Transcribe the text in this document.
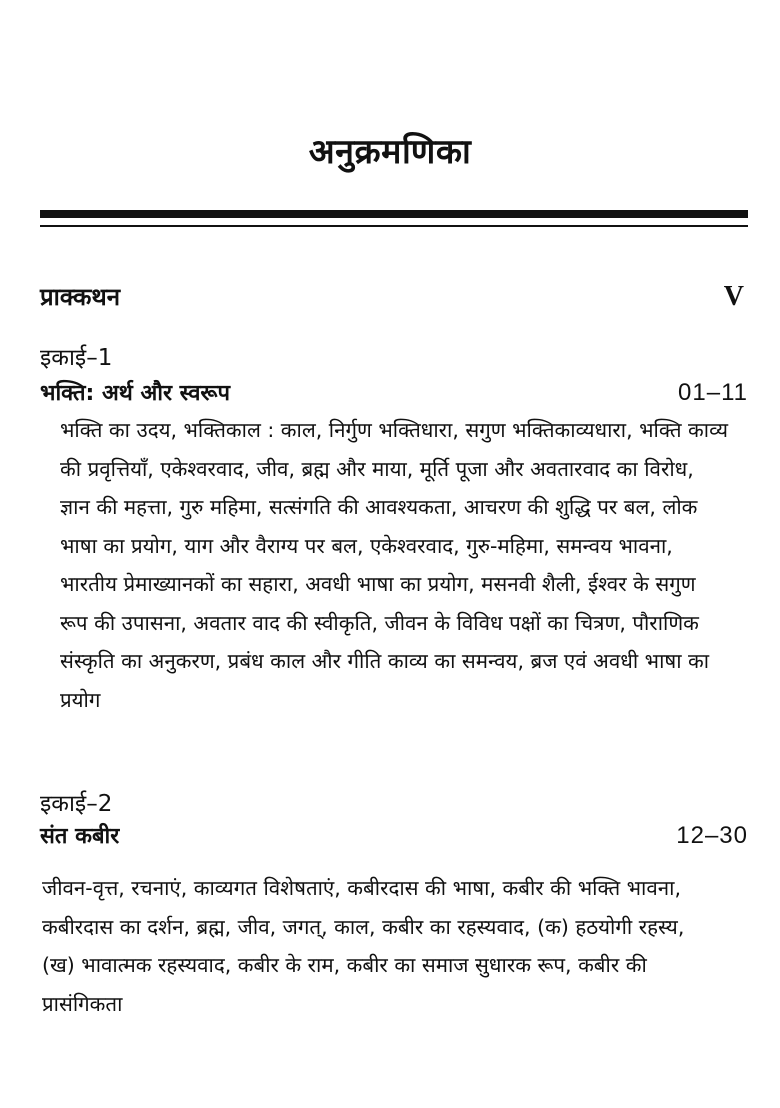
अनुक्रमणिका
प्राक्कथन	V
इकाई–1
भक्ति: अर्थ और स्वरूप	01–11

भक्ति का उदय, भक्तिकाल : काल, निर्गुण भक्तिधारा, सगुण भक्तिकाव्यधारा, भक्ति काव्य की प्रवृत्तियाँ, एकेश्वरवाद, जीव, ब्रह्म और माया, मूर्ति पूजा और अवतारवाद का विरोध, ज्ञान की महत्ता, गुरु महिमा, सत्संगति की आवश्यकता, आचरण की शुद्धि पर बल, लोक भाषा का प्रयोग, याग और वैराग्य पर बल, एकेश्वरवाद, गुरु-महिमा, समन्वय भावना, भारतीय प्रेमाख्यानकों का सहारा, अवधी भाषा का प्रयोग, मसनवी शैली, ईश्वर के सगुण रूप की उपासना, अवतार वाद की स्वीकृति, जीवन के विविध पक्षों का चित्रण, पौराणिक संस्कृति का अनुकरण, प्रबंध काल और गीति काव्य का समन्वय, ब्रज एवं अवधी भाषा का प्रयोग

इकाई–2
संत कबीर	12–30

जीवन-वृत्त, रचनाएं, काव्यगत विशेषताएं, कबीरदास की भाषा, कबीर की भक्ति भावना, कबीरदास का दर्शन, ब्रह्म, जीव, जगत्, काल, कबीर का रहस्यवाद, (क) हठयोगी रहस्य, (ख) भावात्मक रहस्यवाद, कबीर के राम, कबीर का समाज सुधारक रूप, कबीर की प्रासंगिकता
